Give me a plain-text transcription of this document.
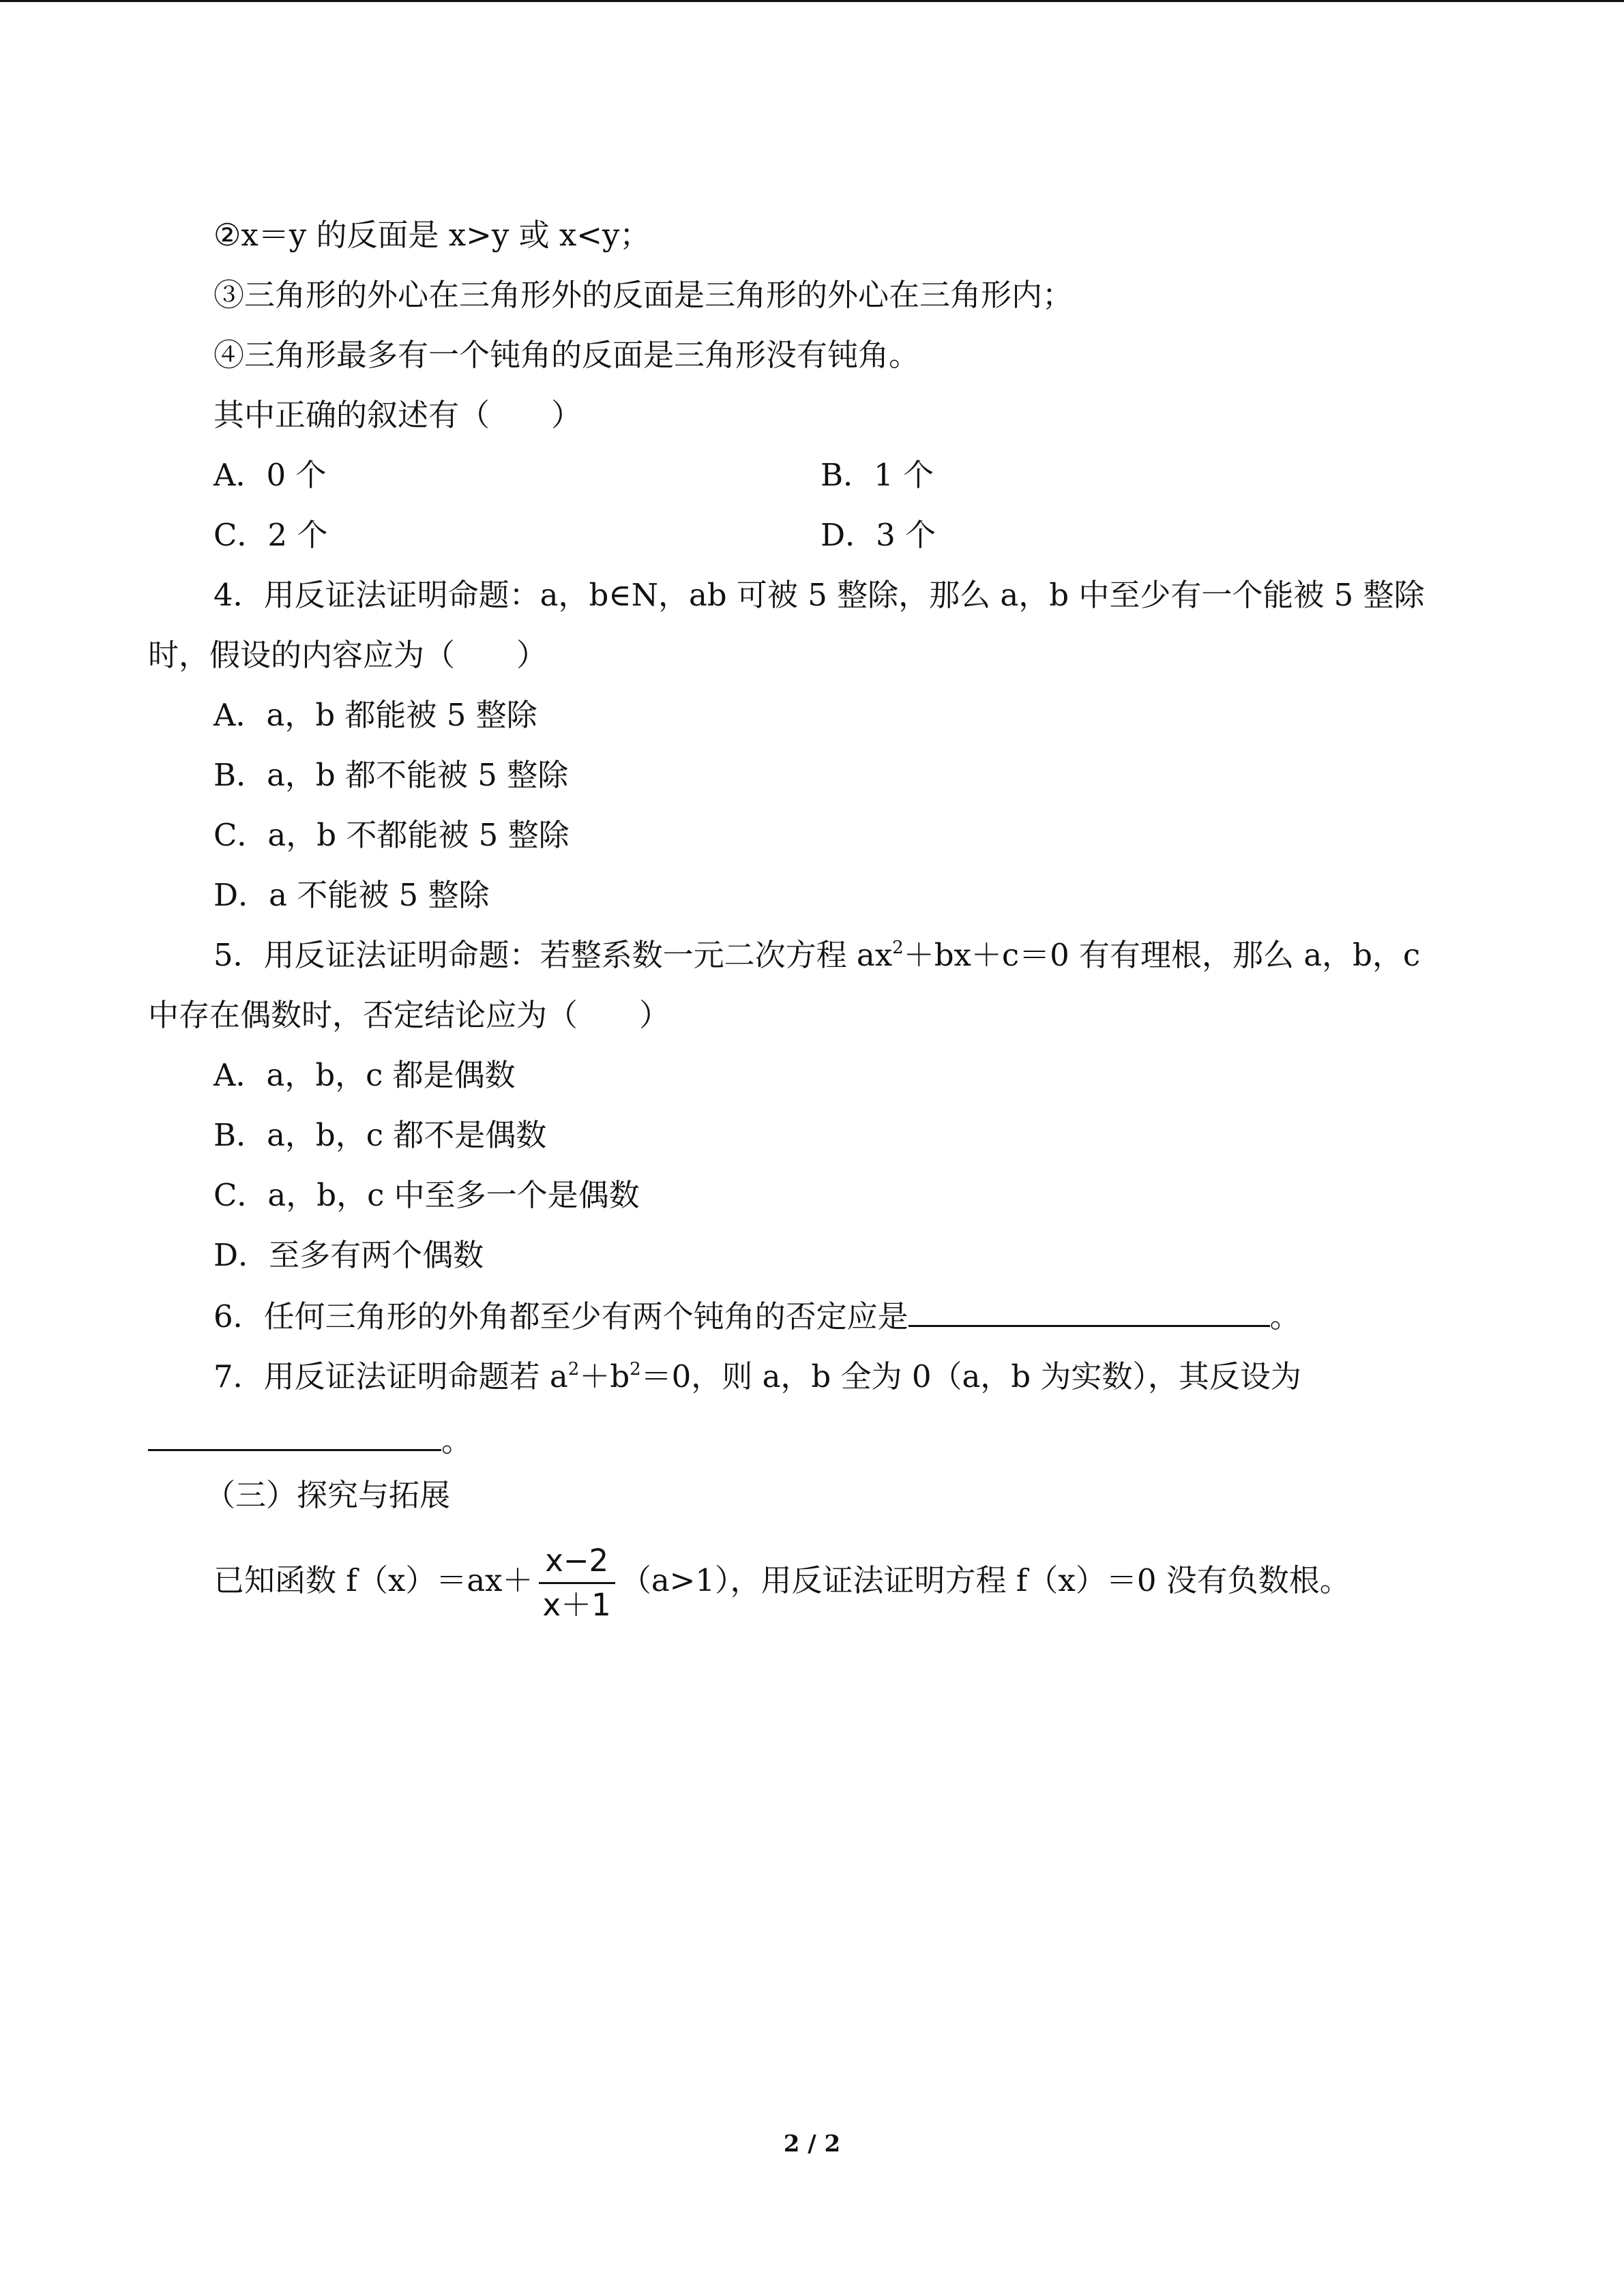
②x＝y 的反面是 x>y 或 x<y；
③三角形的外心在三角形外的反面是三角形的外心在三角形内；
④三角形最多有一个钝角的反面是三角形没有钝角。
其中正确的叙述有（　　）
A．0 个	B．1 个
C．2 个	D．3 个
4．用反证法证明命题：a，b∈N，ab 可被 5 整除，那么 a，b 中至少有一个能被 5 整除
时，假设的内容应为（　　）
A．a，b 都能被 5 整除
B．a，b 都不能被 5 整除
C．a，b 不都能被 5 整除
D．a 不能被 5 整除
5．用反证法证明命题：若整系数一元二次方程 $ax^2+bx+c=0$ 有有理根，那么 a，b，c
中存在偶数时，否定结论应为（　　）
A．a，b，c 都是偶数
B．a，b，c 都不是偶数
C．a，b，c 中至多一个是偶数
D．至多有两个偶数
6．任何三角形的外角都至少有两个钝角的否定应是	。
7．用反证法证明命题若 $a^2+b^2=0$，则 a，b 全为 0（a，b 为实数），其反设为
。
（三）探究与拓展
已知函数 $f(x)=ax+ \frac{x-2}{x+1} (a>1)$，用反证法证明方程 f（x）＝0 没有负数根。
2 / 2
